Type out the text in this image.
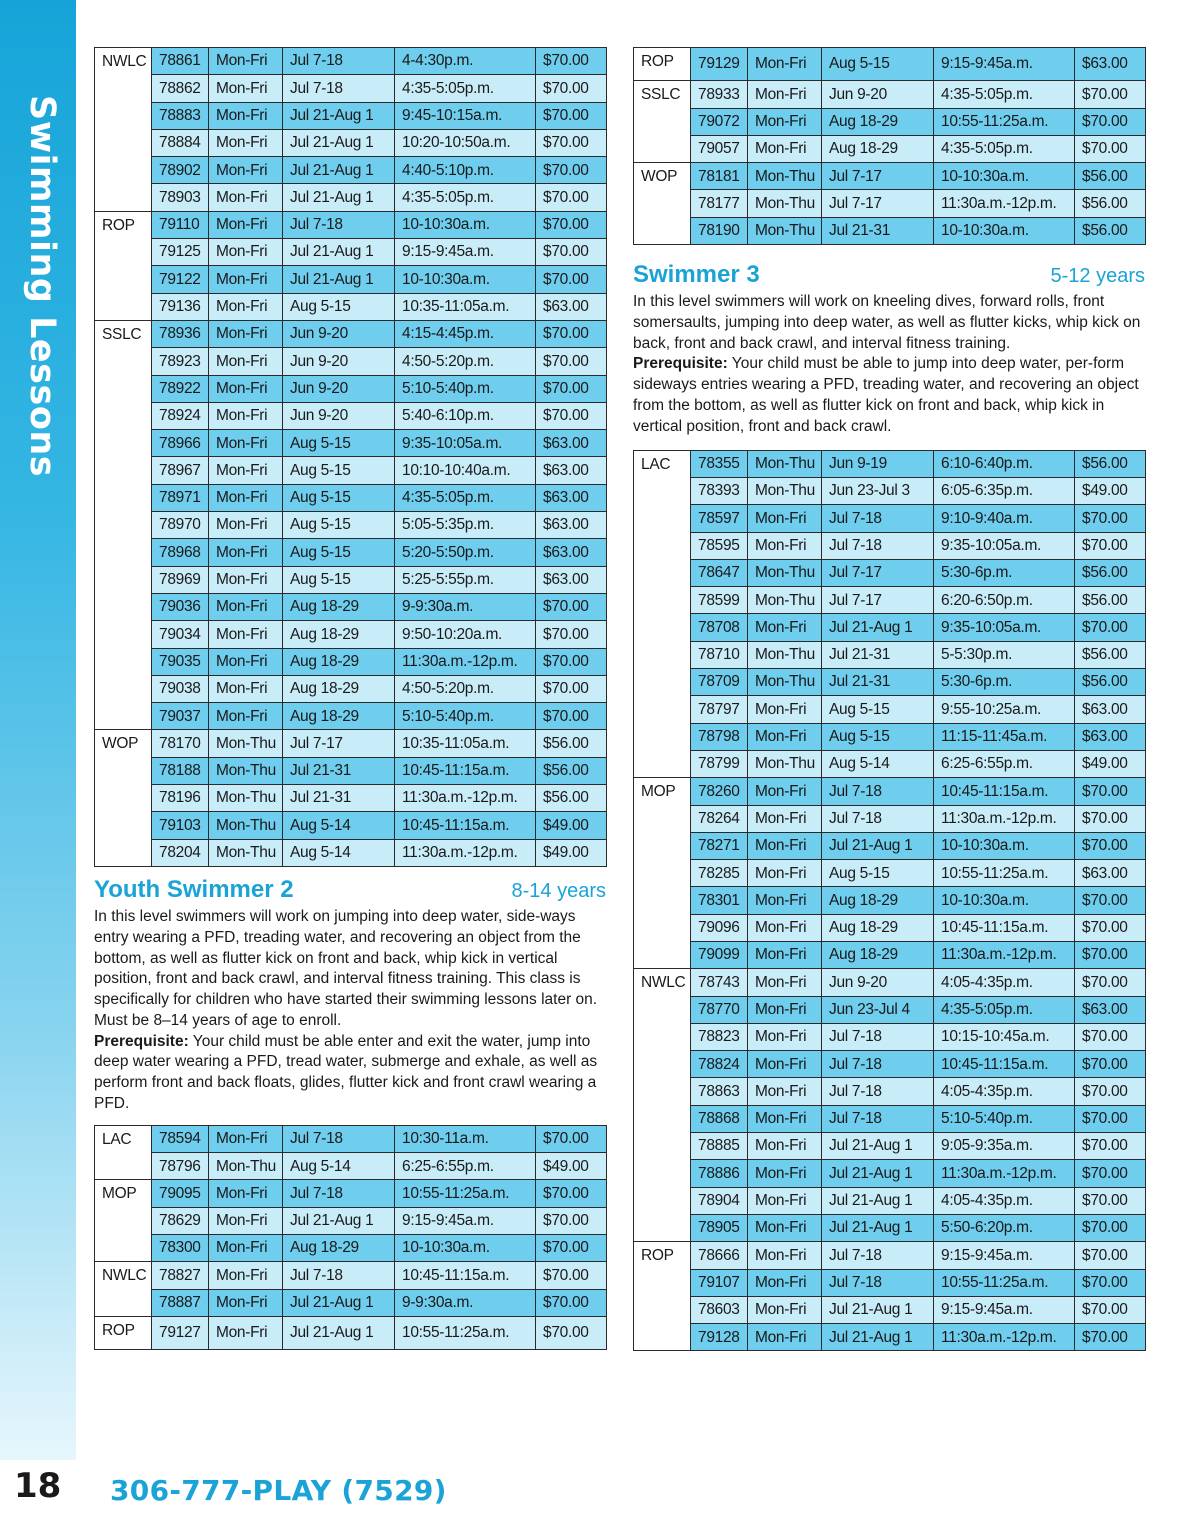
Swimming Lessons
NWLC	78861	Mon-Fri	Jul 7-18	4-4:30p.m.	$70.00
	78862	Mon-Fri	Jul 7-18	4:35-5:05p.m.	$70.00
	78883	Mon-Fri	Jul 21-Aug 1	9:45-10:15a.m.	$70.00
	78884	Mon-Fri	Jul 21-Aug 1	10:20-10:50a.m.	$70.00
	78902	Mon-Fri	Jul 21-Aug 1	4:40-5:10p.m.	$70.00
	78903	Mon-Fri	Jul 21-Aug 1	4:35-5:05p.m.	$70.00
ROP	79110	Mon-Fri	Jul 7-18	10-10:30a.m.	$70.00
	79125	Mon-Fri	Jul 21-Aug 1	9:15-9:45a.m.	$70.00
	79122	Mon-Fri	Jul 21-Aug 1	10-10:30a.m.	$70.00
	79136	Mon-Fri	Aug 5-15	10:35-11:05a.m.	$63.00
SSLC	78936	Mon-Fri	Jun 9-20	4:15-4:45p.m.	$70.00
	78923	Mon-Fri	Jun 9-20	4:50-5:20p.m.	$70.00
	78922	Mon-Fri	Jun 9-20	5:10-5:40p.m.	$70.00
	78924	Mon-Fri	Jun 9-20	5:40-6:10p.m.	$70.00
	78966	Mon-Fri	Aug 5-15	9:35-10:05a.m.	$63.00
	78967	Mon-Fri	Aug 5-15	10:10-10:40a.m.	$63.00
	78971	Mon-Fri	Aug 5-15	4:35-5:05p.m.	$63.00
	78970	Mon-Fri	Aug 5-15	5:05-5:35p.m.	$63.00
	78968	Mon-Fri	Aug 5-15	5:20-5:50p.m.	$63.00
	78969	Mon-Fri	Aug 5-15	5:25-5:55p.m.	$63.00
	79036	Mon-Fri	Aug 18-29	9-9:30a.m.	$70.00
	79034	Mon-Fri	Aug 18-29	9:50-10:20a.m.	$70.00
	79035	Mon-Fri	Aug 18-29	11:30a.m.-12p.m.	$70.00
	79038	Mon-Fri	Aug 18-29	4:50-5:20p.m.	$70.00
	79037	Mon-Fri	Aug 18-29	5:10-5:40p.m.	$70.00
WOP	78170	Mon-Thu	Jul 7-17	10:35-11:05a.m.	$56.00
	78188	Mon-Thu	Jul 21-31	10:45-11:15a.m.	$56.00
	78196	Mon-Thu	Jul 21-31	11:30a.m.-12p.m.	$56.00
	79103	Mon-Thu	Aug 5-14	10:45-11:15a.m.	$49.00
	78204	Mon-Thu	Aug 5-14	11:30a.m.-12p.m.	$49.00
Youth Swimmer 2	8-14 years

In this level swimmers will work on jumping into deep water, side-ways entry wearing a PFD, treading water, and recovering an object from the bottom, as well as flutter kick on front and back, whip kick in vertical position, front and back crawl, and interval fitness training. This class is specifically for children who have started their swimming lessons later on. Must be 8–14 years of age to enroll.
Prerequisite: Your child must be able enter and exit the water, jump into deep water wearing a PFD, tread water, submerge and exhale, as well as perform front and back floats, glides, flutter kick and front crawl wearing a PFD.

LAC	78594	Mon-Fri	Jul 7-18	10:30-11a.m.	$70.00
	78796	Mon-Thu	Aug 5-14	6:25-6:55p.m.	$49.00
MOP	79095	Mon-Fri	Jul 7-18	10:55-11:25a.m.	$70.00
	78629	Mon-Fri	Jul 21-Aug 1	9:15-9:45a.m.	$70.00
	78300	Mon-Fri	Aug 18-29	10-10:30a.m.	$70.00
NWLC	78827	Mon-Fri	Jul 7-18	10:45-11:15a.m.	$70.00
	78887	Mon-Fri	Jul 21-Aug 1	9-9:30a.m.	$70.00
ROP	79127	Mon-Fri	Jul 21-Aug 1	10:55-11:25a.m.	$70.00
ROP	79129	Mon-Fri	Aug 5-15	9:15-9:45a.m.	$63.00
SSLC	78933	Mon-Fri	Jun 9-20	4:35-5:05p.m.	$70.00
	79072	Mon-Fri	Aug 18-29	10:55-11:25a.m.	$70.00
	79057	Mon-Fri	Aug 18-29	4:35-5:05p.m.	$70.00
WOP	78181	Mon-Thu	Jul 7-17	10-10:30a.m.	$56.00
	78177	Mon-Thu	Jul 7-17	11:30a.m.-12p.m.	$56.00
	78190	Mon-Thu	Jul 21-31	10-10:30a.m.	$56.00
Swimmer 3	5-12 years

In this level swimmers will work on kneeling dives, forward rolls, front somersaults, jumping into deep water, as well as flutter kicks, whip kick on back, front and back crawl, and interval fitness training.
Prerequisite: Your child must be able to jump into deep water, per-form sideways entries wearing a PFD, treading water, and recovering an object from the bottom, as well as flutter kick on front and back, whip kick in vertical position, front and back crawl.

LAC	78355	Mon-Thu	Jun 9-19	6:10-6:40p.m.	$56.00
	78393	Mon-Thu	Jun 23-Jul 3	6:05-6:35p.m.	$49.00
	78597	Mon-Fri	Jul 7-18	9:10-9:40a.m.	$70.00
	78595	Mon-Fri	Jul 7-18	9:35-10:05a.m.	$70.00
	78647	Mon-Thu	Jul 7-17	5:30-6p.m.	$56.00
	78599	Mon-Thu	Jul 7-17	6:20-6:50p.m.	$56.00
	78708	Mon-Fri	Jul 21-Aug 1	9:35-10:05a.m.	$70.00
	78710	Mon-Thu	Jul 21-31	5-5:30p.m.	$56.00
	78709	Mon-Thu	Jul 21-31	5:30-6p.m.	$56.00
	78797	Mon-Fri	Aug 5-15	9:55-10:25a.m.	$63.00
	78798	Mon-Fri	Aug 5-15	11:15-11:45a.m.	$63.00
	78799	Mon-Thu	Aug 5-14	6:25-6:55p.m.	$49.00
MOP	78260	Mon-Fri	Jul 7-18	10:45-11:15a.m.	$70.00
	78264	Mon-Fri	Jul 7-18	11:30a.m.-12p.m.	$70.00
	78271	Mon-Fri	Jul 21-Aug 1	10-10:30a.m.	$70.00
	78285	Mon-Fri	Aug 5-15	10:55-11:25a.m.	$63.00
	78301	Mon-Fri	Aug 18-29	10-10:30a.m.	$70.00
	79096	Mon-Fri	Aug 18-29	10:45-11:15a.m.	$70.00
	79099	Mon-Fri	Aug 18-29	11:30a.m.-12p.m.	$70.00
NWLC	78743	Mon-Fri	Jun 9-20	4:05-4:35p.m.	$70.00
	78770	Mon-Fri	Jun 23-Jul 4	4:35-5:05p.m.	$63.00
	78823	Mon-Fri	Jul 7-18	10:15-10:45a.m.	$70.00
	78824	Mon-Fri	Jul 7-18	10:45-11:15a.m.	$70.00
	78863	Mon-Fri	Jul 7-18	4:05-4:35p.m.	$70.00
	78868	Mon-Fri	Jul 7-18	5:10-5:40p.m.	$70.00
	78885	Mon-Fri	Jul 21-Aug 1	9:05-9:35a.m.	$70.00
	78886	Mon-Fri	Jul 21-Aug 1	11:30a.m.-12p.m.	$70.00
	78904	Mon-Fri	Jul 21-Aug 1	4:05-4:35p.m.	$70.00
	78905	Mon-Fri	Jul 21-Aug 1	5:50-6:20p.m.	$70.00
ROP	78666	Mon-Fri	Jul 7-18	9:15-9:45a.m.	$70.00
	79107	Mon-Fri	Jul 7-18	10:55-11:25a.m.	$70.00
	78603	Mon-Fri	Jul 21-Aug 1	9:15-9:45a.m.	$70.00
	79128	Mon-Fri	Jul 21-Aug 1	11:30a.m.-12p.m.	$70.00
18 306-777-PLAY (7529)
